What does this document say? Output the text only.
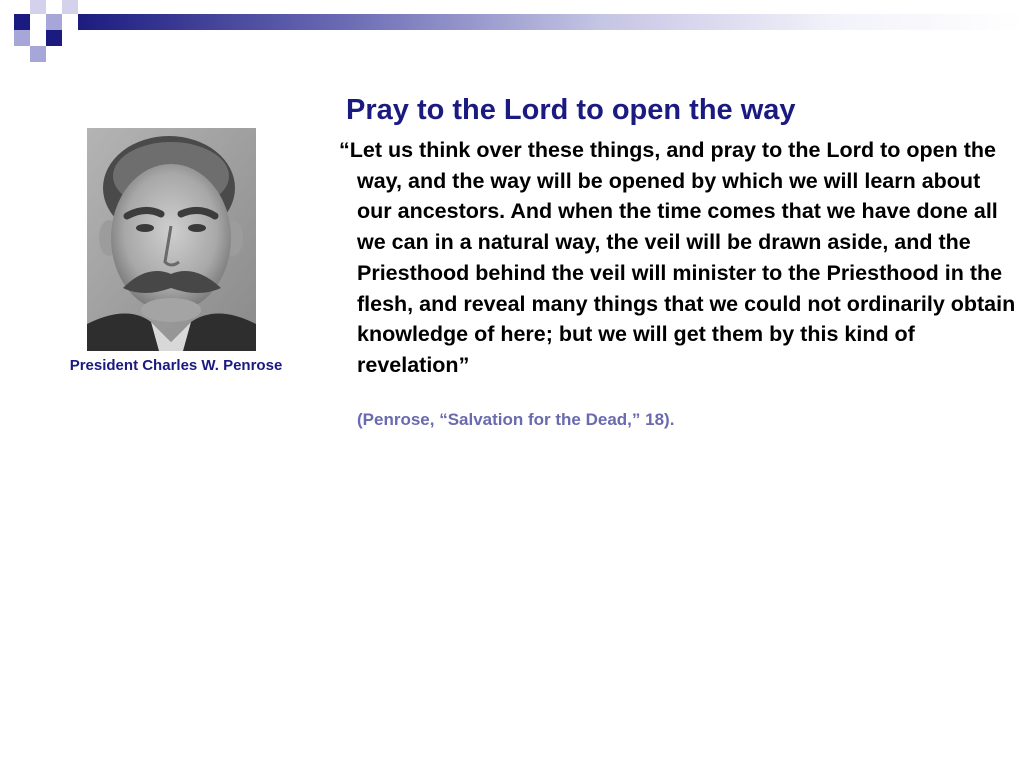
President Charles W. Penrose
Pray to the Lord to open the way

“Let us think over these things, and pray to the Lord to open the way, and the way will be opened by which we will learn about our ancestors. And when the time comes that we have done all we can in a natural way, the veil will be drawn aside, and the Priesthood behind the veil will minister to the Priesthood in the flesh, and reveal many things that we could not ordinarily obtain knowledge of here; but we will get them by this kind of revelation”

(Penrose, “Salvation for the Dead,” 18).
